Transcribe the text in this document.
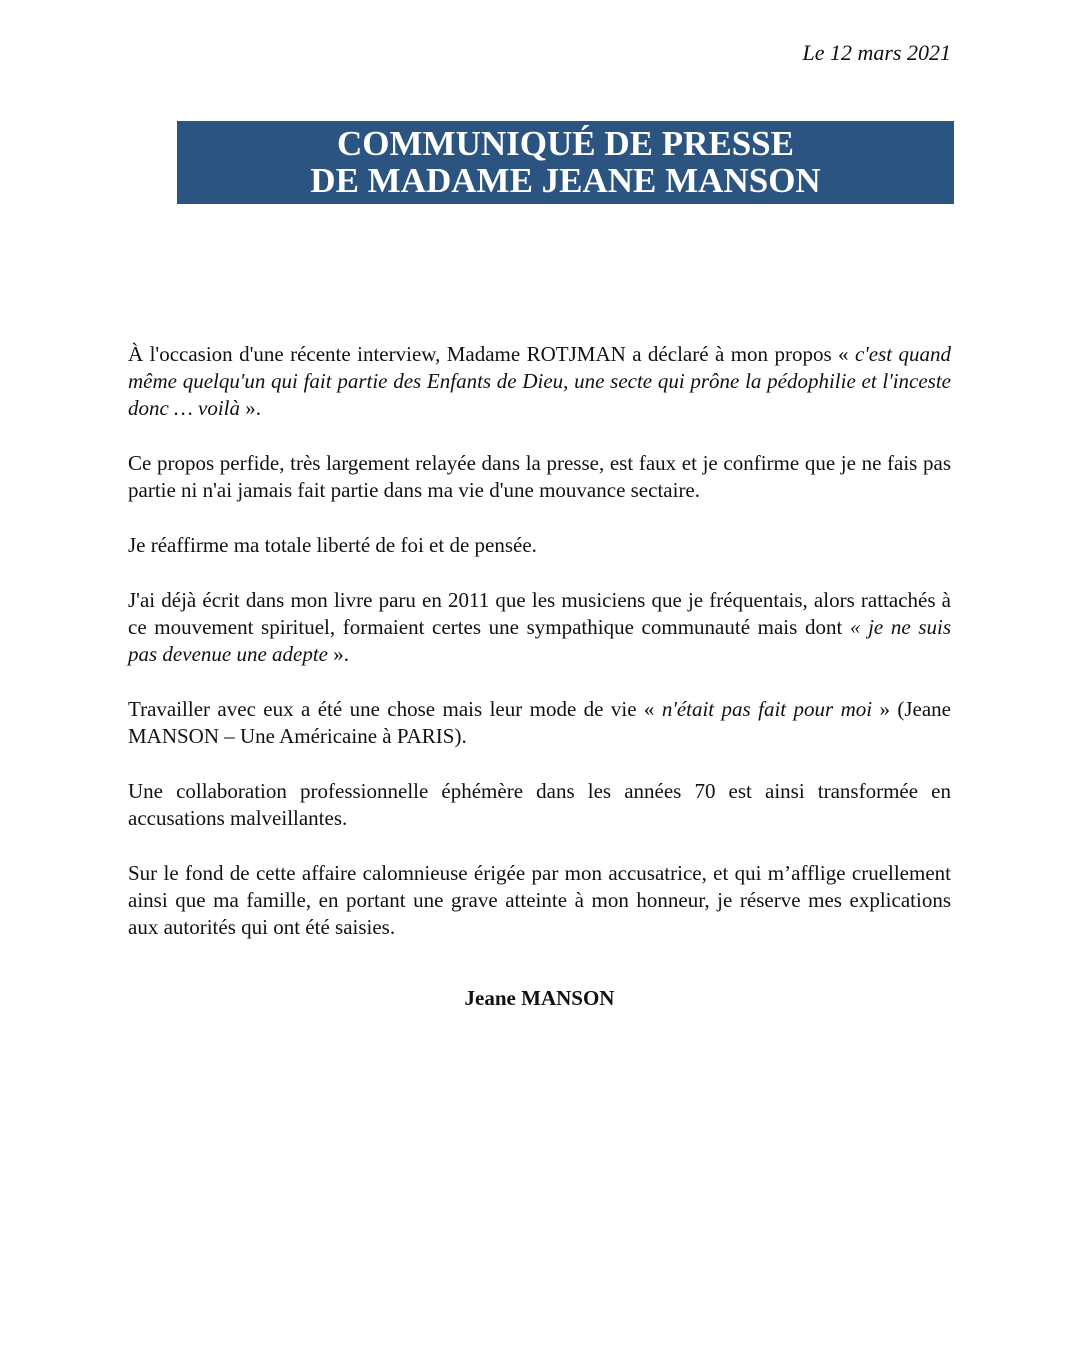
Le 12 mars 2021

COMMUNIQUÉ DE PRESSE
DE MADAME JEANE MANSON

À l'occasion d'une récente interview, Madame ROTJMAN a déclaré à mon propos « c'est quand même quelqu'un qui fait partie des Enfants de Dieu, une secte qui prône la pédophilie et l'inceste donc … voilà ».

Ce propos perfide, très largement relayée dans la presse, est faux et je confirme que je ne fais pas partie ni n'ai jamais fait partie dans ma vie d'une mouvance sectaire.

Je réaffirme ma totale liberté de foi et de pensée.

J'ai déjà écrit dans mon livre paru en 2011 que les musiciens que je fréquentais, alors rattachés à ce mouvement spirituel, formaient certes une sympathique communauté mais dont « je ne suis pas devenue une adepte ».

Travailler avec eux a été une chose mais leur mode de vie « n'était pas fait pour moi » (Jeane MANSON – Une Américaine à PARIS).

Une collaboration professionnelle éphémère dans les années 70 est ainsi transformée en accusations malveillantes.

Sur le fond de cette affaire calomnieuse érigée par mon accusatrice, et qui m’afflige cruellement ainsi que ma famille, en portant une grave atteinte à mon honneur, je réserve mes explications aux autorités qui ont été saisies.

Jeane MANSON
